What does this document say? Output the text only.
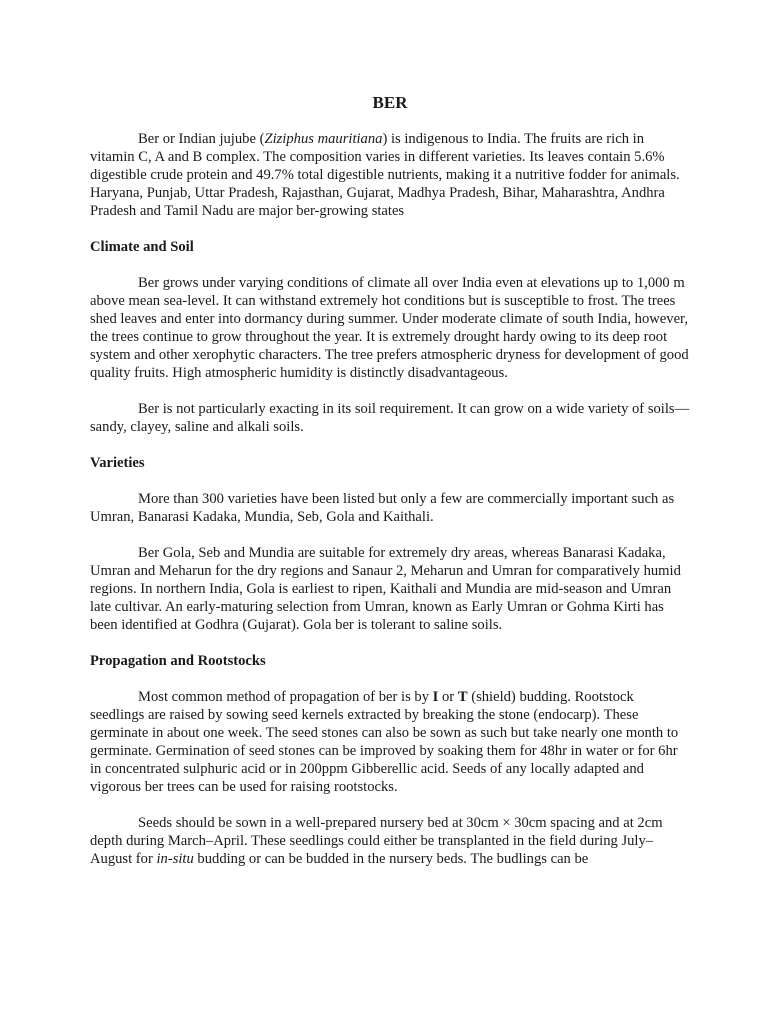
BER

Ber or Indian jujube (Ziziphus mauritiana) is indigenous to India. The fruits are rich in vitamin C, A and B complex. The composition varies in different varieties. Its leaves contain 5.6% digestible crude protein and 49.7% total digestible nutrients, making it a nutritive fodder for animals. Haryana, Punjab, Uttar Pradesh, Rajasthan, Gujarat, Madhya Pradesh, Bihar, Maharashtra, Andhra Pradesh and Tamil Nadu are major ber-growing states

Climate and Soil

Ber grows under varying conditions of climate all over India even at elevations up to 1,000 m above mean sea-level. It can withstand extremely hot conditions but is susceptible to frost. The trees shed leaves and enter into dormancy during summer. Under moderate climate of south India, however, the trees continue to grow throughout the year. It is extremely drought hardy owing to its deep root system and other xerophytic characters. The tree prefers atmospheric dryness for development of good quality fruits. High atmospheric humidity is distinctly disadvantageous.

Ber is not particularly exacting in its soil requirement. It can grow on a wide variety of soils—sandy, clayey, saline and alkali soils.

Varieties

More than 300 varieties have been listed but only a few are commercially important such as Umran, Banarasi Kadaka, Mundia, Seb, Gola and Kaithali.

Ber Gola, Seb and Mundia are suitable for extremely dry areas, whereas Banarasi Kadaka, Umran and Meharun for the dry regions and Sanaur 2, Meharun and Umran for comparatively humid regions. In northern India, Gola is earliest to ripen, Kaithali and Mundia are mid-season and Umran late cultivar. An early-maturing selection from Umran, known as Early Umran or Gohma Kirti has been identified at Godhra (Gujarat). Gola ber is tolerant to saline soils.

Propagation and Rootstocks

Most common method of propagation of ber is by I or T (shield) budding. Rootstock seedlings are raised by sowing seed kernels extracted by breaking the stone (endocarp). These germinate in about one week. The seed stones can also be sown as such but take nearly one month to germinate. Germination of seed stones can be improved by soaking them for 48hr in water or for 6hr in concentrated sulphuric acid or in 200ppm Gibberellic acid. Seeds of any locally adapted and vigorous ber trees can be used for raising rootstocks.

Seeds should be sown in a well-prepared nursery bed at 30cm × 30cm spacing and at 2cm depth during March–April. These seedlings could either be transplanted in the field during July–August for in-situ budding or can be budded in the nursery beds. The budlings can be
